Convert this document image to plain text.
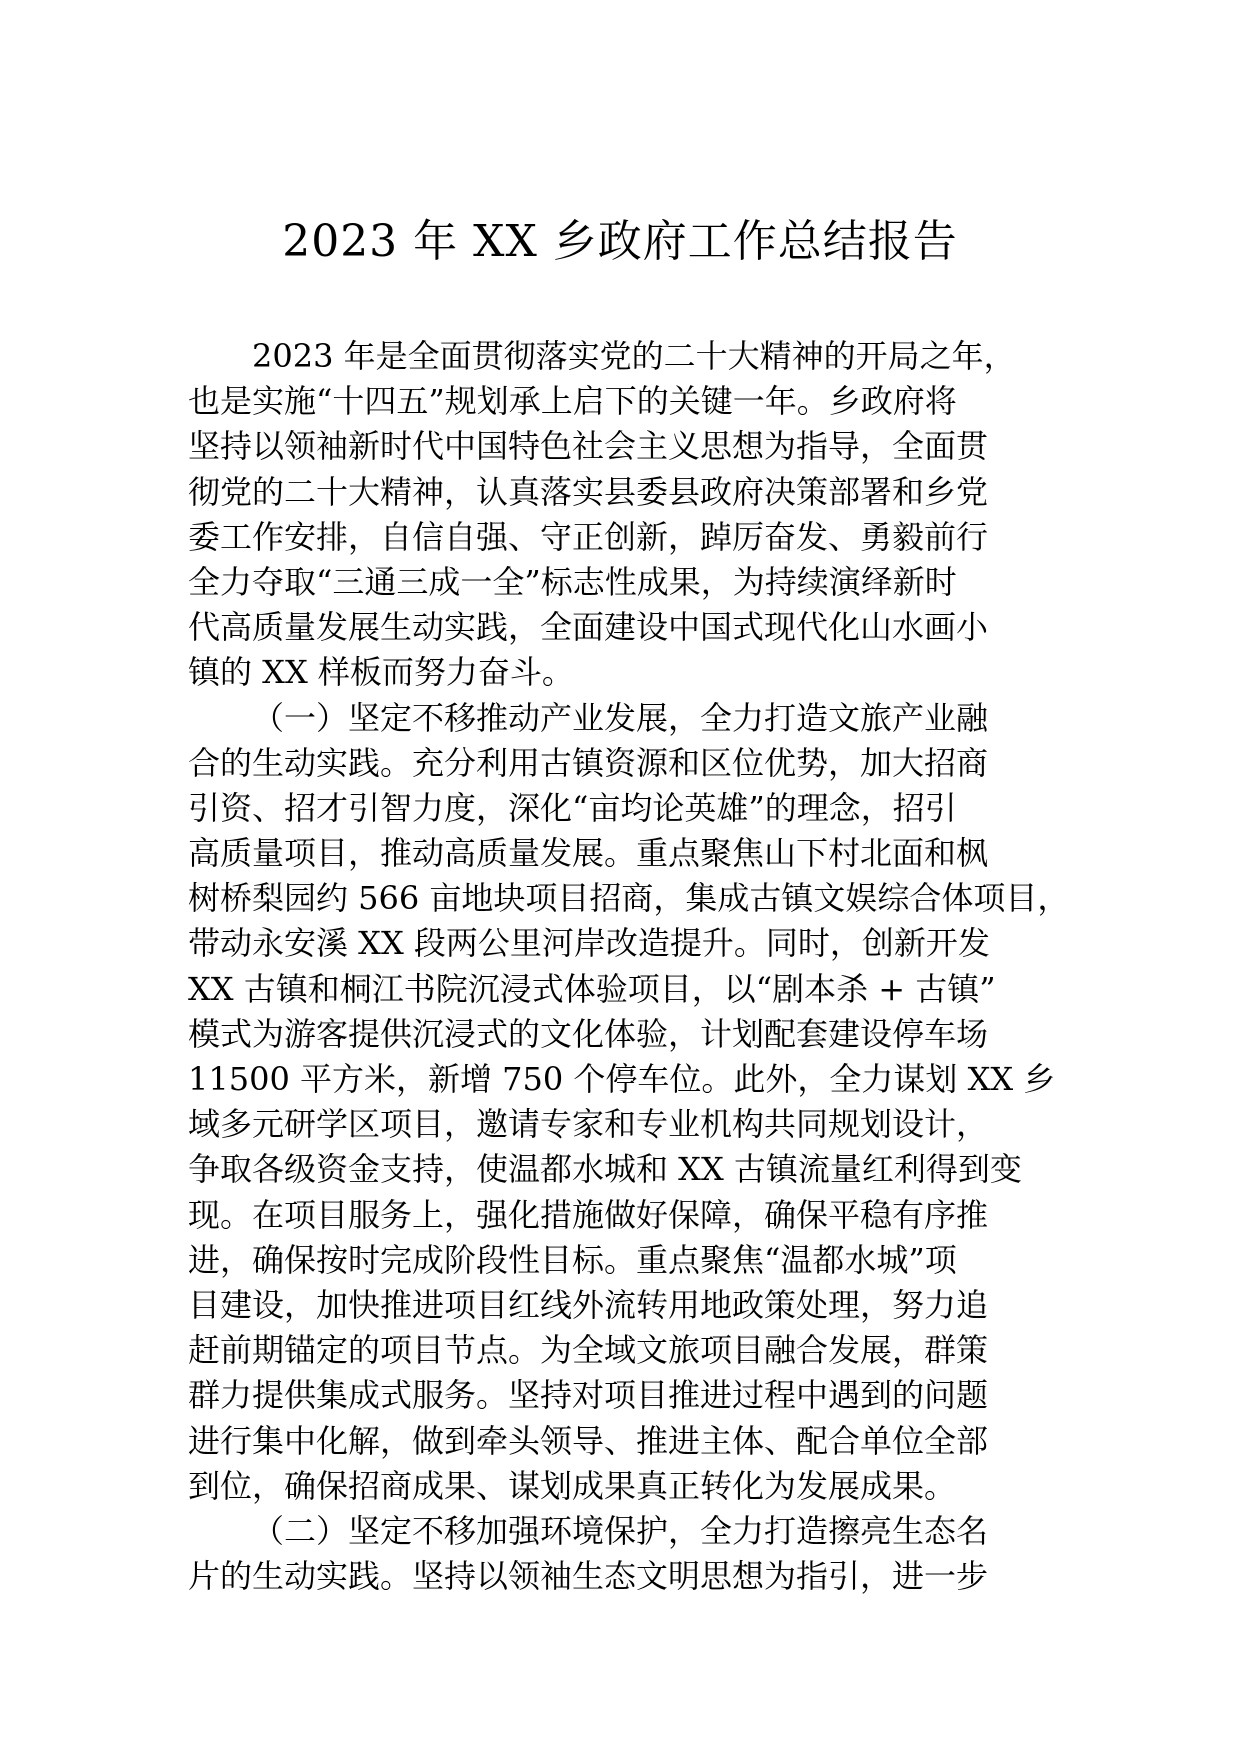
2023 年 XX 乡政府工作总结报告
2023 年是全面贯彻落实党的二十大精神的开局之年，
也是实施“十四五”规划承上启下的关键一年。乡政府将
坚持以领袖新时代中国特色社会主义思想为指导，全面贯
彻党的二十大精神，认真落实县委县政府决策部署和乡党
委工作安排，自信自强、守正创新，踔厉奋发、勇毅前行
全力夺取“三通三成一全”标志性成果，为持续演绎新时
代高质量发展生动实践，全面建设中国式现代化山水画小
镇的 XX 样板而努力奋斗。
（一）坚定不移推动产业发展，全力打造文旅产业融
合的生动实践。充分利用古镇资源和区位优势，加大招商
引资、招才引智力度，深化“亩均论英雄”的理念，招引
高质量项目，推动高质量发展。重点聚焦山下村北面和枫
树桥梨园约 566 亩地块项目招商，集成古镇文娱综合体项目，
带动永安溪 XX 段两公里河岸改造提升。同时，创新开发
XX 古镇和桐江书院沉浸式体验项目，以“剧本杀 + 古镇”
模式为游客提供沉浸式的文化体验，计划配套建设停车场
11500 平方米，新增 750 个停车位。此外，全力谋划 XX 乡
域多元研学区项目，邀请专家和专业机构共同规划设计，
争取各级资金支持，使温都水城和 XX 古镇流量红利得到变
现。在项目服务上，强化措施做好保障，确保平稳有序推
进，确保按时完成阶段性目标。重点聚焦“温都水城”项
目建设，加快推进项目红线外流转用地政策处理，努力追
赶前期锚定的项目节点。为全域文旅项目融合发展，群策
群力提供集成式服务。坚持对项目推进过程中遇到的问题
进行集中化解，做到牵头领导、推进主体、配合单位全部
到位，确保招商成果、谋划成果真正转化为发展成果。
（二）坚定不移加强环境保护，全力打造擦亮生态名
片的生动实践。坚持以领袖生态文明思想为指引，进一步
